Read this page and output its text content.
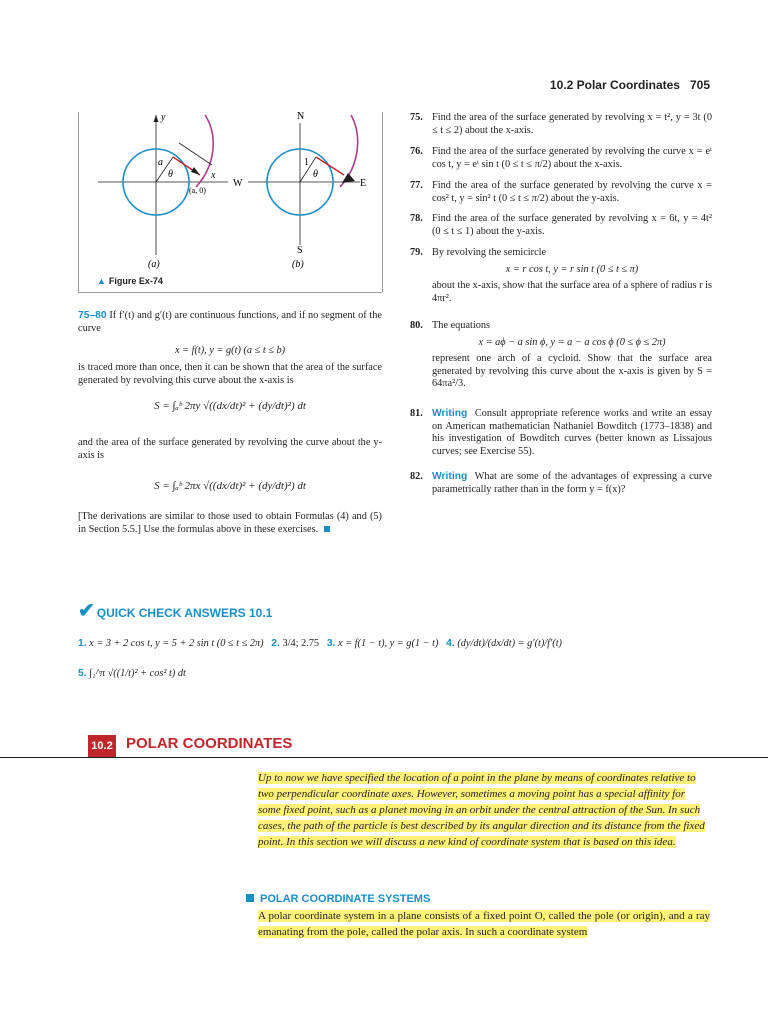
10.2 Polar Coordinates 705
y
x
a
θ
(a, 0)
(a)
N
S
E
W
1
θ
(b)
▲ Figure Ex-74
75–80 If f′(t) and g′(t) are continuous functions, and if no segment of the curve
x = f(t), y = g(t) (a ≤ t ≤ b)
is traced more than once, then it can be shown that the area of the surface generated by revolving this curve about the x-axis is
S = ∫ₐᵇ 2πy √((dx/dt)² + (dy/dt)²) dt
and the area of the surface generated by revolving the curve about the y-axis is
S = ∫ₐᵇ 2πx √((dx/dt)² + (dy/dt)²) dt
[The derivations are similar to those used to obtain Formulas (4) and (5) in Section 5.5.] Use the formulas above in these exercises.
75. Find the area of the surface generated by revolving x = t², y = 3t (0 ≤ t ≤ 2) about the x-axis.
76. Find the area of the surface generated by revolving the curve x = eᵗ cos t, y = eᵗ sin t (0 ≤ t ≤ π/2) about the x-axis.
77. Find the area of the surface generated by revolving the curve x = cos² t, y = sin² t (0 ≤ t ≤ π/2) about the y-axis.
78. Find the area of the surface generated by revolving x = 6t, y = 4t² (0 ≤ t ≤ 1) about the y-axis.
79. By revolving the semicircle
x = r cos t, y = r sin t (0 ≤ t ≤ π)
about the x-axis, show that the surface area of a sphere of radius r is 4πr².
80. The equations
x = aϕ − a sin ϕ, y = a − a cos ϕ (0 ≤ ϕ ≤ 2π)
represent one arch of a cycloid. Show that the surface area generated by revolving this curve about the x-axis is given by S = 64πa²/3.
81. Writing Consult appropriate reference works and write an essay on American mathematician Nathaniel Bowditch (1773–1838) and his investigation of Bowditch curves (better known as Lissajous curves; see Exercise 55).
82. Writing What are some of the advantages of expressing a curve parametrically rather than in the form y = f(x)?
✔ QUICK CHECK ANSWERS 10.1
1. x = 3 + 2 cos t, y = 5 + 2 sin t (0 ≤ t ≤ 2π) 2. 3/4; 2.75 3. x = f(1 − t), y = g(1 − t) 4. (dy/dt)/(dx/dt) = g′(t)/f′(t)
5. ∫₁^π √((1/t)² + cos² t) dt
10.2 POLAR COORDINATES
Up to now we have specified the location of a point in the plane by means of coordinates relative to two perpendicular coordinate axes. However, sometimes a moving point has a special affinity for some fixed point, such as a planet moving in an orbit under the central attraction of the Sun. In such cases, the path of the particle is best described by its angular direction and its distance from the fixed point. In this section we will discuss a new kind of coordinate system that is based on this idea.
POLAR COORDINATE SYSTEMS
A polar coordinate system in a plane consists of a fixed point O, called the pole (or origin), and a ray emanating from the pole, called the polar axis. In such a coordinate system
